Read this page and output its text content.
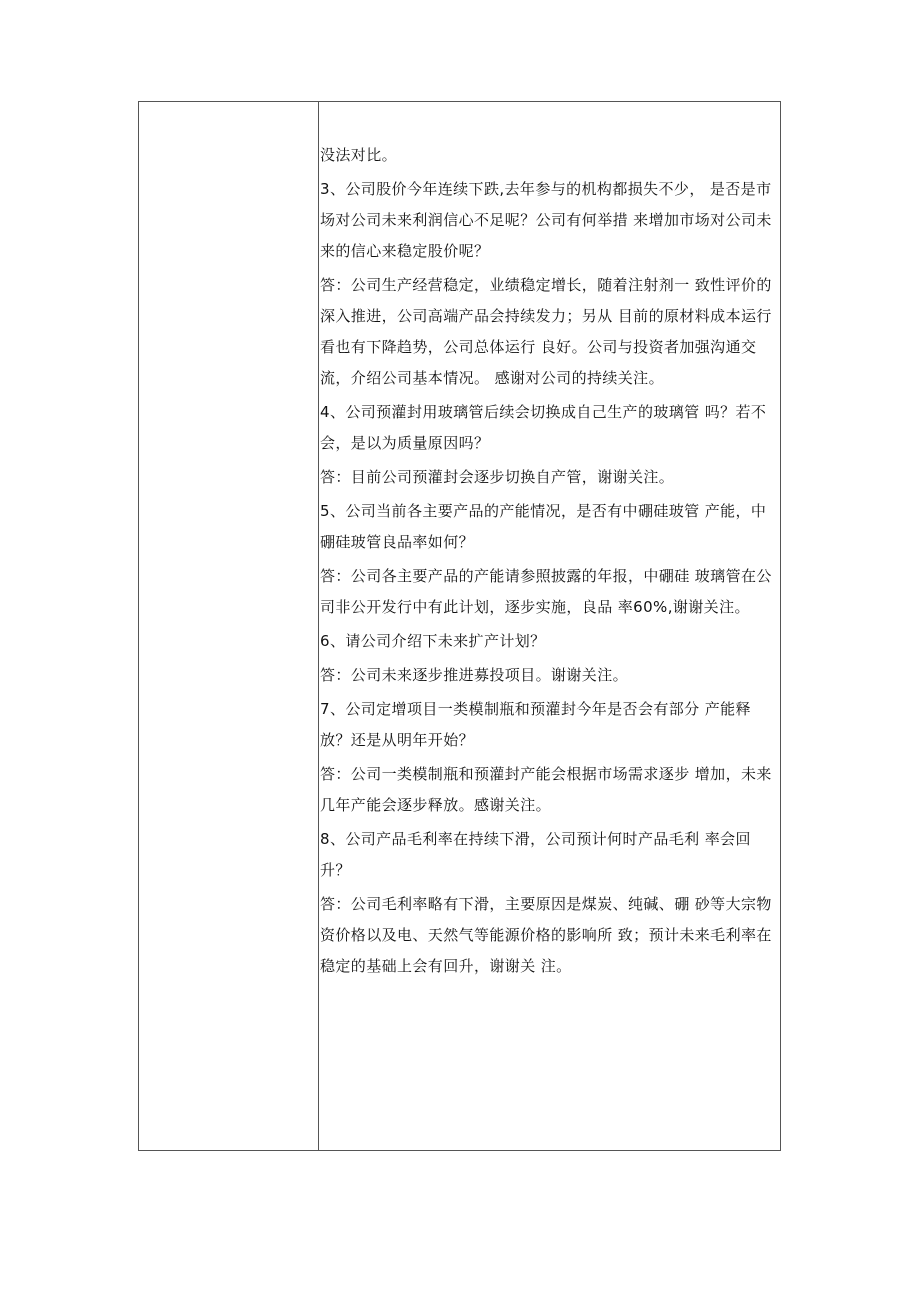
没法对比。

3、公司股价今年连续下跌,去年参与的机构都损失不少， 是否是市场对公司未来利润信心不足呢？公司有何举措 来增加市场对公司未来的信心来稳定股价呢？

答：公司生产经营稳定，业绩稳定增长，随着注射剂一 致性评价的深入推进，公司高端产品会持续发力；另从 目前的原材料成本运行看也有下降趋势，公司总体运行 良好。公司与投资者加强沟通交流，介绍公司基本情况。 感谢对公司的持续关注。

4、公司预灌封用玻璃管后续会切换成自己生产的玻璃管 吗？若不会，是以为质量原因吗？

答：目前公司预灌封会逐步切换自产管，谢谢关注。

5、公司当前各主要产品的产能情况，是否有中硼硅玻管 产能，中硼硅玻管良品率如何？

答：公司各主要产品的产能请参照披露的年报，中硼硅 玻璃管在公司非公开发行中有此计划，逐步实施，良品 率60%,谢谢关注。

6、请公司介绍下未来扩产计划？

答：公司未来逐步推进募投项目。谢谢关注。

7、公司定增项目一类模制瓶和预灌封今年是否会有部分 产能释放？还是从明年开始？

答：公司一类模制瓶和预灌封产能会根据市场需求逐步 增加，未来几年产能会逐步释放。感谢关注。

8、公司产品毛利率在持续下滑，公司预计何时产品毛利 率会回升？

答：公司毛利率略有下滑，主要原因是煤炭、纯碱、硼 砂等大宗物资价格以及电、天然气等能源价格的影响所 致；预计未来毛利率在稳定的基础上会有回升，谢谢关 注。
